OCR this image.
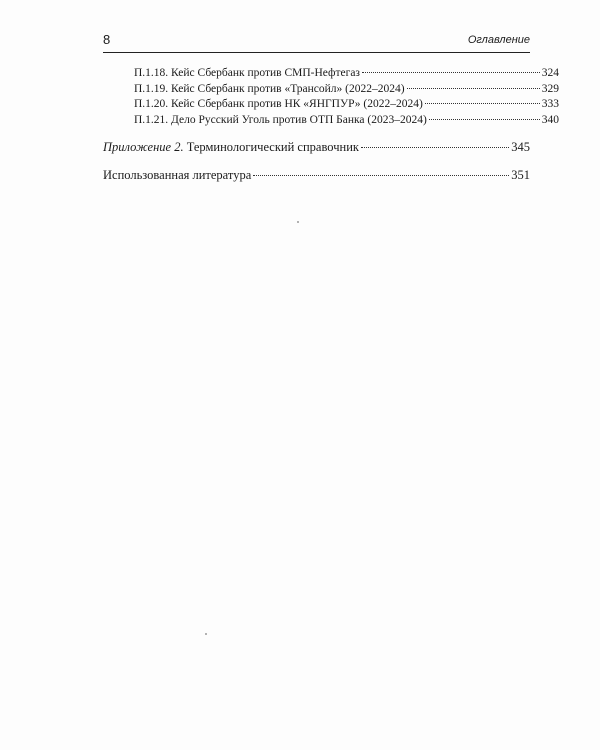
8	Оглавление
П.1.18. Кейс Сбербанк против СМП-Нефтегаз	324
П.1.19. Кейс Сбербанк против «Трансойл» (2022–2024)	329
П.1.20. Кейс Сбербанк против НК «ЯНГПУР» (2022–2024)	333
П.1.21. Дело Русский Уголь против ОТП Банка (2023–2024)	340
Приложение 2. Терминологический справочник	345
Использованная литература	351
